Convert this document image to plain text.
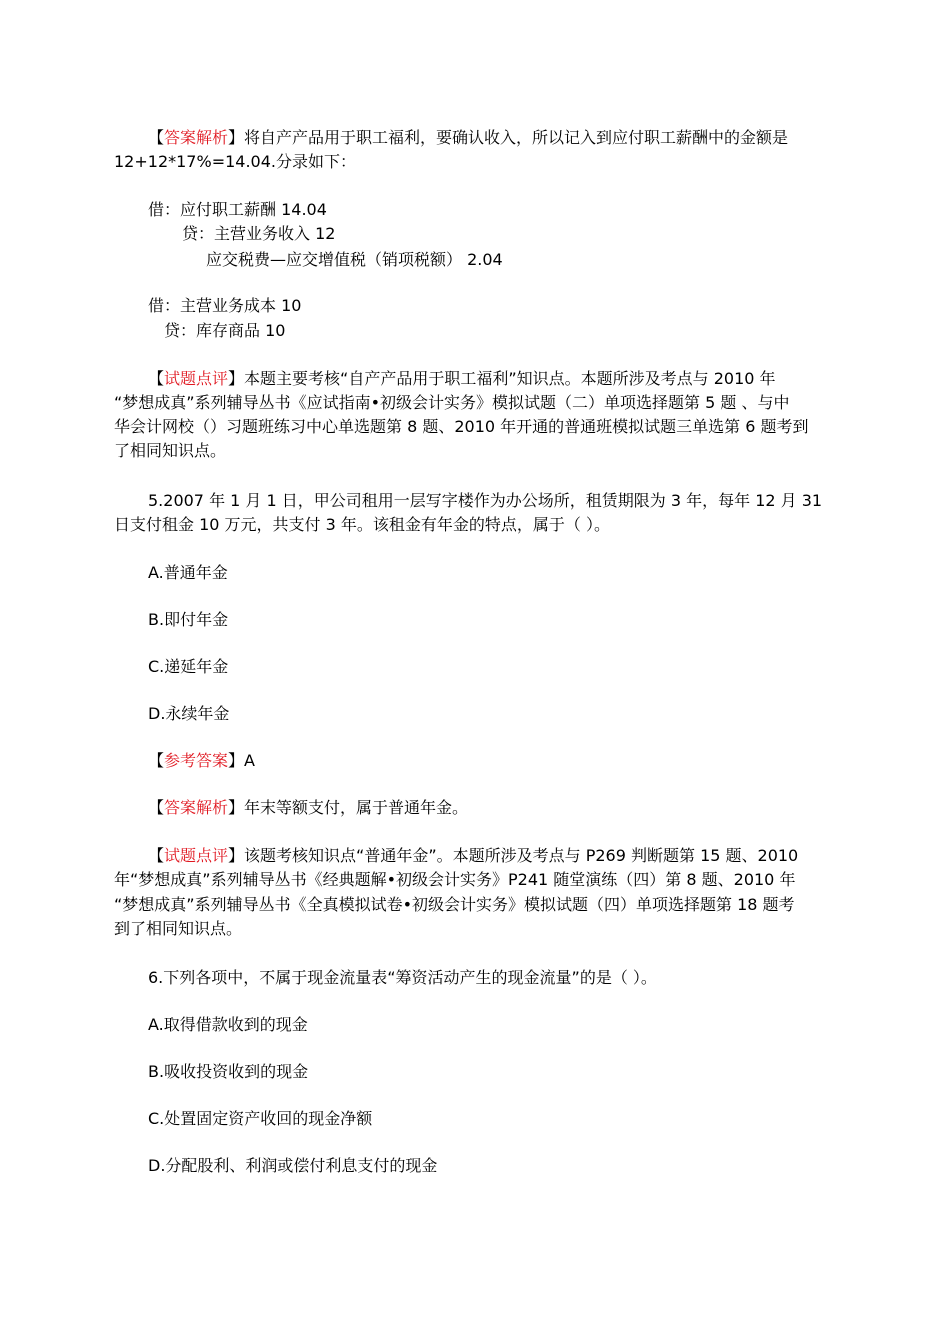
【答案解析】将自产产品用于职工福利，要确认收入，所以记入到应付职工薪酬中的金额是
12+12*17%=14.04.分录如下：
借：应付职工薪酬 14.04
贷：主营业务收入 12
应交税费—应交增值税（销项税额） 2.04
借：主营业务成本 10
贷：库存商品 10
【试题点评】本题主要考核“自产产品用于职工福利”知识点。本题所涉及考点与 2010 年
“梦想成真”系列辅导丛书《应试指南•初级会计实务》模拟试题（二）单项选择题第 5 题 、与中
华会计网校（）习题班练习中心单选题第 8 题、2010 年开通的普通班模拟试题三单选第 6 题考到
了相同知识点。
5.2007 年 1 月 1 日，甲公司租用一层写字楼作为办公场所，租赁期限为 3 年，每年 12 月 31
日支付租金 10 万元，共支付 3 年。该租金有年金的特点，属于（ ）。
A.普通年金
B.即付年金
C.递延年金
D.永续年金
【参考答案】A
【答案解析】年末等额支付，属于普通年金。
【试题点评】该题考核知识点“普通年金”。本题所涉及考点与 P269 判断题第 15 题、2010
年“梦想成真”系列辅导丛书《经典题解•初级会计实务》P241 随堂演练（四）第 8 题、2010 年
“梦想成真”系列辅导丛书《全真模拟试卷•初级会计实务》模拟试题（四）单项选择题第 18 题考
到了相同知识点。
6.下列各项中，不属于现金流量表“筹资活动产生的现金流量”的是（ ）。
A.取得借款收到的现金
B.吸收投资收到的现金
C.处置固定资产收回的现金净额
D.分配股利、利润或偿付利息支付的现金
